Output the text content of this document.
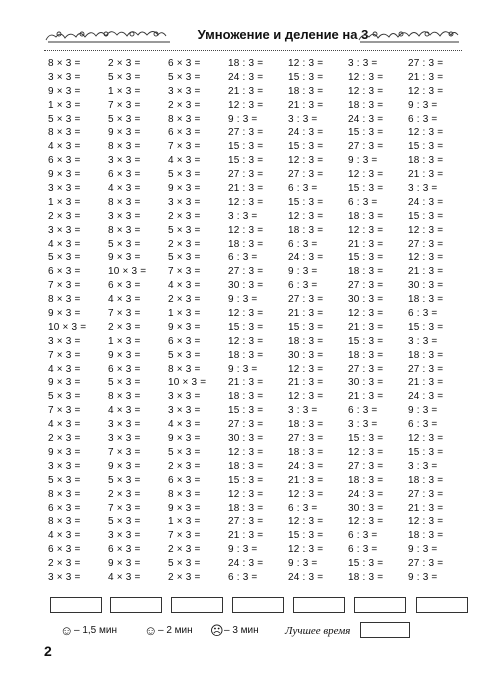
Умножение и деление на 3
8 × 3 =	2 × 3 =	6 × 3 =	18 : 3 =	12 : 3 =	3 : 3 =	27 : 3 =
3 × 3 =	5 × 3 =	5 × 3 =	24 : 3 =	15 : 3 =	12 : 3 =	21 : 3 =
9 × 3 =	1 × 3 =	3 × 3 =	21 : 3 =	18 : 3 =	12 : 3 =	12 : 3 =
1 × 3 =	7 × 3 =	2 × 3 =	12 : 3 =	21 : 3 =	18 : 3 =	9 : 3 =
5 × 3 =	5 × 3 =	8 × 3 =	9 : 3 =	3 : 3 =	24 : 3 =	6 : 3 =
8 × 3 =	9 × 3 =	6 × 3 =	27 : 3 =	24 : 3 =	15 : 3 =	12 : 3 =
4 × 3 =	8 × 3 =	7 × 3 =	15 : 3 =	15 : 3 =	27 : 3 =	15 : 3 =
6 × 3 =	3 × 3 =	4 × 3 =	15 : 3 =	12 : 3 =	9 : 3 =	18 : 3 =
9 × 3 =	6 × 3 =	5 × 3 =	27 : 3 =	27 : 3 =	12 : 3 =	21 : 3 =
3 × 3 =	4 × 3 =	9 × 3 =	21 : 3 =	6 : 3 =	15 : 3 =	3 : 3 =
1 × 3 =	8 × 3 =	3 × 3 =	12 : 3 =	15 : 3 =	6 : 3 =	24 : 3 =
2 × 3 =	3 × 3 =	2 × 3 =	3 : 3 =	12 : 3 =	18 : 3 =	15 : 3 =
3 × 3 =	8 × 3 =	5 × 3 =	12 : 3 =	18 : 3 =	12 : 3 =	12 : 3 =
4 × 3 =	5 × 3 =	2 × 3 =	18 : 3 =	6 : 3 =	21 : 3 =	27 : 3 =
5 × 3 =	9 × 3 =	5 × 3 =	6 : 3 =	24 : 3 =	15 : 3 =	12 : 3 =
6 × 3 =	10 × 3 =	7 × 3 =	27 : 3 =	9 : 3 =	18 : 3 =	21 : 3 =
7 × 3 =	6 × 3 =	4 × 3 =	30 : 3 =	6 : 3 =	27 : 3 =	30 : 3 =
8 × 3 =	4 × 3 =	2 × 3 =	9 : 3 =	27 : 3 =	30 : 3 =	18 : 3 =
9 × 3 =	7 × 3 =	1 × 3 =	12 : 3 =	21 : 3 =	12 : 3 =	6 : 3 =
10 × 3 =	2 × 3 =	9 × 3 =	15 : 3 =	15 : 3 =	21 : 3 =	15 : 3 =
3 × 3 =	1 × 3 =	6 × 3 =	12 : 3 =	18 : 3 =	15 : 3 =	3 : 3 =
7 × 3 =	9 × 3 =	5 × 3 =	18 : 3 =	30 : 3 =	18 : 3 =	18 : 3 =
4 × 3 =	6 × 3 =	8 × 3 =	9 : 3 =	12 : 3 =	27 : 3 =	27 : 3 =
9 × 3 =	5 × 3 =	10 × 3 =	21 : 3 =	21 : 3 =	30 : 3 =	21 : 3 =
5 × 3 =	8 × 3 =	3 × 3 =	18 : 3 =	12 : 3 =	21 : 3 =	24 : 3 =
7 × 3 =	4 × 3 =	3 × 3 =	15 : 3 =	3 : 3 =	6 : 3 =	9 : 3 =
4 × 3 =	3 × 3 =	4 × 3 =	27 : 3 =	18 : 3 =	3 : 3 =	6 : 3 =
2 × 3 =	3 × 3 =	9 × 3 =	30 : 3 =	27 : 3 =	15 : 3 =	12 : 3 =
9 × 3 =	7 × 3 =	5 × 3 =	12 : 3 =	18 : 3 =	12 : 3 =	15 : 3 =
3 × 3 =	9 × 3 =	2 × 3 =	18 : 3 =	24 : 3 =	27 : 3 =	3 : 3 =
5 × 3 =	5 × 3 =	6 × 3 =	15 : 3 =	21 : 3 =	18 : 3 =	18 : 3 =
8 × 3 =	2 × 3 =	8 × 3 =	12 : 3 =	12 : 3 =	24 : 3 =	27 : 3 =
6 × 3 =	7 × 3 =	9 × 3 =	18 : 3 =	6 : 3 =	30 : 3 =	21 : 3 =
8 × 3 =	5 × 3 =	1 × 3 =	27 : 3 =	12 : 3 =	12 : 3 =	12 : 3 =
4 × 3 =	3 × 3 =	7 × 3 =	21 : 3 =	15 : 3 =	6 : 3 =	18 : 3 =
6 × 3 =	6 × 3 =	2 × 3 =	9 : 3 =	12 : 3 =	6 : 3 =	9 : 3 =
2 × 3 =	9 × 3 =	5 × 3 =	24 : 3 =	9 : 3 =	15 : 3 =	27 : 3 =
3 × 3 =	4 × 3 =	2 × 3 =	6 : 3 =	24 : 3 =	18 : 3 =	9 : 3 =
☺ – 1,5 мин ☺ – 2 мин ☹ – 3 мин Лучшее время
2
